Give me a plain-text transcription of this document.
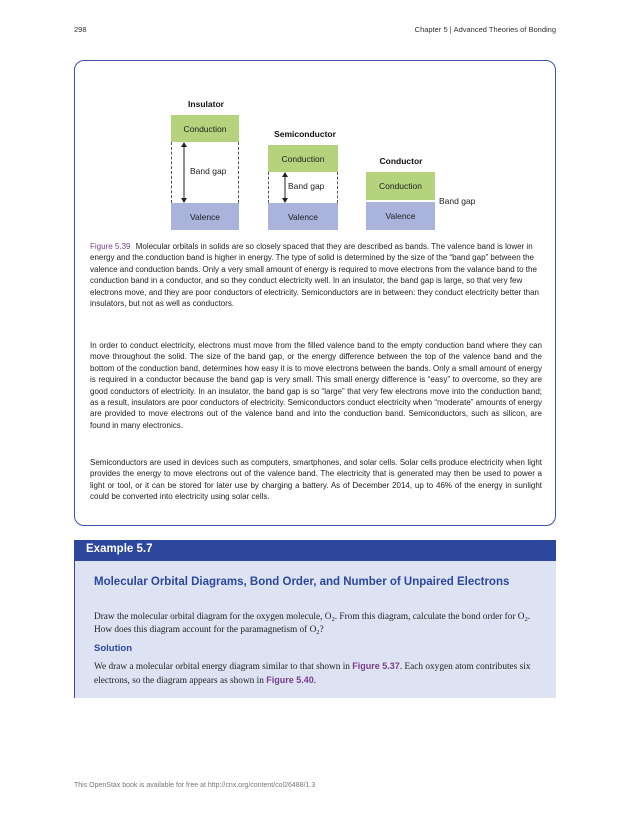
298	Chapter 5 | Advanced Theories of Bonding
Insulator
Conduction
Band gap
Valence
Semiconductor
Conduction
Band gap
Valence
Conductor
Conduction
Band gap
Valence
Figure 5.39 Molecular orbitals in solids are so closely spaced that they are described as bands. The valence band is lower in energy and the conduction band is higher in energy. The type of solid is determined by the size of the “band gap” between the valence and conduction bands. Only a very small amount of energy is required to move electrons from the valance band to the conduction band in a conductor, and so they conduct electricity well. In an insulator, the band gap is large, so that very few electrons move, and they are poor conductors of electricity. Semiconductors are in between: they conduct electricity better than insulators, but not as well as conductors.

In order to conduct electricity, electrons must move from the filled valence band to the empty conduction band where they can move throughout the solid. The size of the band gap, or the energy difference between the top of the valence band and the bottom of the conduction band, determines how easy it is to move electrons between the bands. Only a small amount of energy is required in a conductor because the band gap is very small. This small energy difference is “easy” to overcome, so they are good conductors of electricity. In an insulator, the band gap is so “large” that very few electrons move into the conduction band; as a result, insulators are poor conductors of electricity. Semiconductors conduct electricity when “moderate” amounts of energy are provided to move electrons out of the valence band and into the conduction band. Semiconductors, such as silicon, are found in many electronics.

Semiconductors are used in devices such as computers, smartphones, and solar cells. Solar cells produce electricity when light provides the energy to move electrons out of the valence band. The electricity that is generated may then be used to power a light or tool, or it can be stored for later use by charging a battery. As of December 2014, up to 46% of the energy in sunlight could be converted into electricity using solar cells.

Example 5.7
Molecular Orbital Diagrams, Bond Order, and Number of Unpaired Electrons

Draw the molecular orbital diagram for the oxygen molecule, $O_2$. From this diagram, calculate the bond order for $O_2$. How does this diagram account for the paramagnetism of $O_2$?

Solution

We draw a molecular orbital energy diagram similar to that shown in Figure 5.37. Each oxygen atom contributes six electrons, so the diagram appears as shown in Figure 5.40.

This OpenStax book is available for free at http://cnx.org/content/col26488/1.3
